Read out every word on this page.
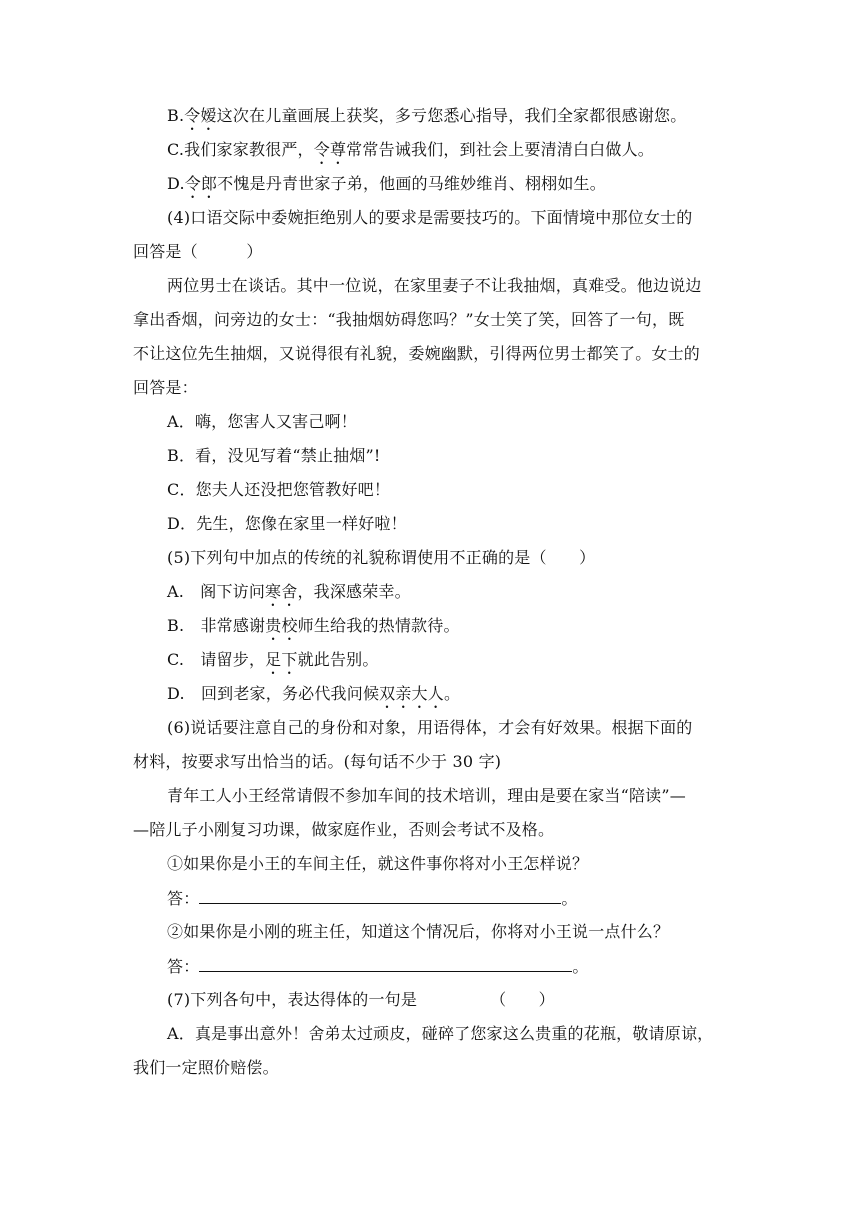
B.令嫒这次在儿童画展上获奖，多亏您悉心指导，我们全家都很感谢您。
C.我们家家教很严，令尊常常告诫我们，到社会上要清清白白做人。
D.令郎不愧是丹青世家子弟，他画的马维妙维肖、栩栩如生。
(4)口语交际中委婉拒绝别人的要求是需要技巧的。下面情境中那位女士的
回答是（　　　）
两位男士在谈话。其中一位说，在家里妻子不让我抽烟，真难受。他边说边
拿出香烟，问旁边的女士：“我抽烟妨碍您吗？”女士笑了笑，回答了一句，既
不让这位先生抽烟，又说得很有礼貌，委婉幽默，引得两位男士都笑了。女士的
回答是：
A．嗨，您害人又害己啊！
B．看，没见写着“禁止抽烟”!
C．您夫人还没把您管教好吧！
D．先生，您像在家里一样好啦！
(5)下列句中加点的传统的礼貌称谓使用不正确的是（　　）
A.　阁下访问寒舍，我深感荣幸。
B.　非常感谢贵校师生给我的热情款待。
C.　请留步，足下就此告别。
D.　回到老家，务必代我问候双亲大人。
(6)说话要注意自己的身份和对象，用语得体，才会有好效果。根据下面的
材料，按要求写出恰当的话。(每句话不少于 30 字)
青年工人小王经常请假不参加车间的技术培训，理由是要在家当“陪读”—
—陪儿子小刚复习功课，做家庭作业，否则会考试不及格。
①如果你是小王的车间主任，就这件事你将对小王怎样说？
答：	。
②如果你是小刚的班主任，知道这个情况后，你将对小王说一点什么？
答：	。
(7)下列各句中，表达得体的一句是　　　　　（　　）
A．真是事出意外！舍弟太过顽皮，碰碎了您家这么贵重的花瓶，敬请原谅，
我们一定照价赔偿。
